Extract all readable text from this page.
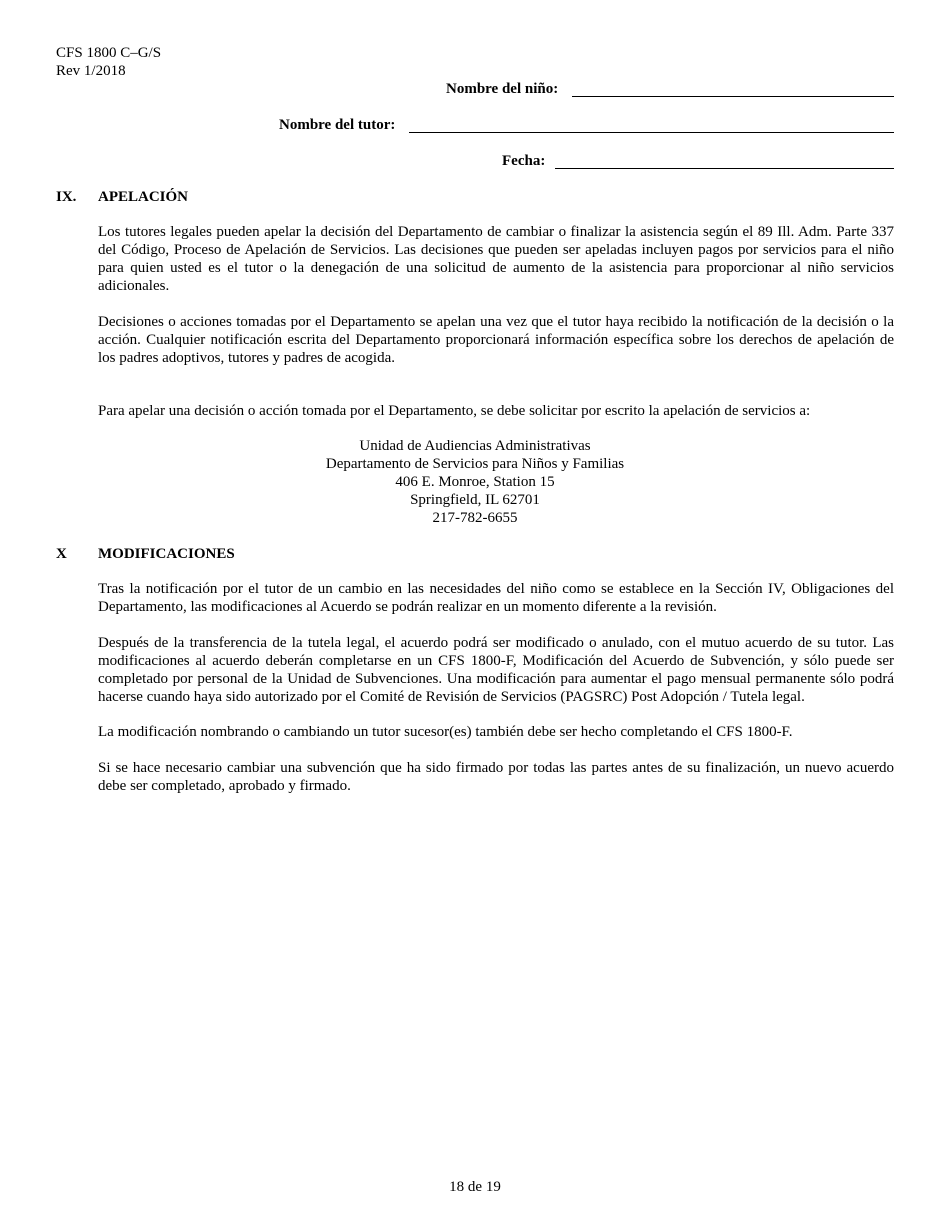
CFS 1800 C–G/S
Rev 1/2018
Nombre del niño:
Nombre del tutor:
Fecha:
IX. APELACIÓN
Los tutores legales pueden apelar la decisión del Departamento de cambiar o finalizar la asistencia según el 89 Ill. Adm. Parte 337 del Código, Proceso de Apelación de Servicios. Las decisiones que pueden ser apeladas incluyen pagos por servicios para el niño para quien usted es el tutor o la denegación de una solicitud de aumento de la asistencia para proporcionar al niño servicios adicionales.
Decisiones o acciones tomadas por el Departamento se apelan una vez que el tutor haya recibido la notificación de la decisión o la acción. Cualquier notificación escrita del Departamento proporcionará información específica sobre los derechos de apelación de los padres adoptivos, tutores y padres de acogida.
Para apelar una decisión o acción tomada por el Departamento, se debe solicitar por escrito la apelación de servicios a:
Unidad de Audiencias Administrativas
Departamento de Servicios para Niños y Familias
406 E. Monroe, Station 15
Springfield, IL 62701
217-782-6655
X MODIFICACIONES
Tras la notificación por el tutor de un cambio en las necesidades del niño como se establece en la Sección IV, Obligaciones del Departamento, las modificaciones al Acuerdo se podrán realizar en un momento diferente a la revisión.
Después de la transferencia de la tutela legal, el acuerdo podrá ser modificado o anulado, con el mutuo acuerdo de su tutor. Las modificaciones al acuerdo deberán completarse en un CFS 1800-F, Modificación del Acuerdo de Subvención, y sólo puede ser completado por personal de la Unidad de Subvenciones. Una modificación para aumentar el pago mensual permanente sólo podrá hacerse cuando haya sido autorizado por el Comité de Revisión de Servicios (PAGSRC) Post Adopción / Tutela legal.
La modificación nombrando o cambiando un tutor sucesor(es) también debe ser hecho completando el CFS 1800-F.
Si se hace necesario cambiar una subvención que ha sido firmado por todas las partes antes de su finalización, un nuevo acuerdo debe ser completado, aprobado y firmado.
18 de 19
